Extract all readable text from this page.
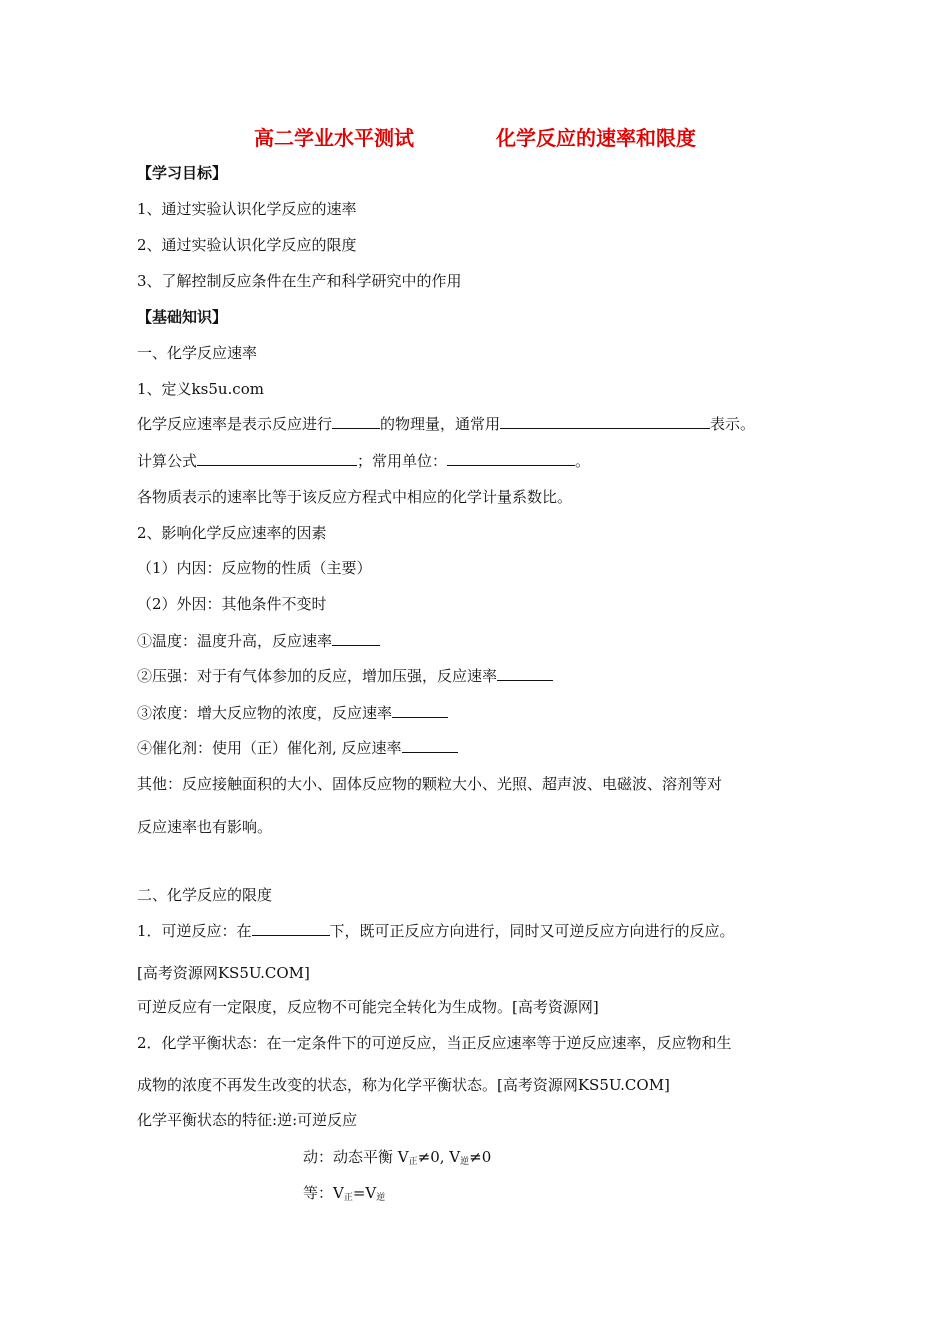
高二学业水平测试	化学反应的速率和限度
【学习目标】
1、通过实验认识化学反应的速率
2、通过实验认识化学反应的限度
3、了解控制反应条件在生产和科学研究中的作用
【基础知识】
一、化学反应速率
1、定义ks5u.com
化学反应速率是表示反应进行	的物理量，通常用	表示。
计算公式	；常用单位：	。
各物质表示的速率比等于该反应方程式中相应的化学计量系数比。
2、影响化学反应速率的因素
（1）内因：反应物的性质（主要）
（2）外因：其他条件不变时
①温度：温度升高，反应速率
②压强：对于有气体参加的反应，增加压强，反应速率
③浓度：增大反应物的浓度，反应速率
④催化剂：使用（正）催化剂, 反应速率
其他：反应接触面积的大小、固体反应物的颗粒大小、光照、超声波、电磁波、溶剂等对
反应速率也有影响。
二、化学反应的限度
1．可逆反应：在	下，既可正反应方向进行，同时又可逆反应方向进行的反应。
[高考资源网KS5U.COM]
可逆反应有一定限度，反应物不可能完全转化为生成物。[高考资源网]
2．化学平衡状态：在一定条件下的可逆反应，当正反应速率等于逆反应速率，反应物和生
成物的浓度不再发生改变的状态，称为化学平衡状态。[高考资源网KS5U.COM]
化学平衡状态的特征:逆:可逆反应
动：动态平衡 $V_正\ne 0$, $V_逆\ne 0$
等：$V_正=V_逆$
